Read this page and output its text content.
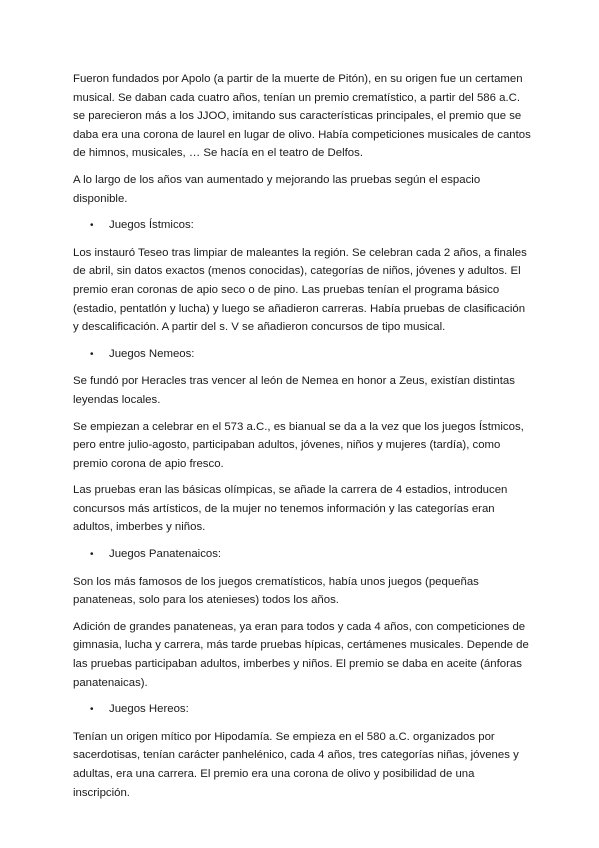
Fueron fundados por Apolo (a partir de la muerte de Pitón), en su origen fue un certamen musical. Se daban cada cuatro años, tenían un premio crematístico, a partir del 586 a.C. se parecieron más a los JJOO, imitando sus características principales, el premio que se daba era una corona de laurel en lugar de olivo. Había competiciones musicales de cantos de himnos, musicales, … Se hacía en el teatro de Delfos.

A lo largo de los años van aumentado y mejorando las pruebas según el espacio disponible.

•	Juegos Ístmicos:

Los instauró Teseo tras limpiar de maleantes la región. Se celebran cada 2 años, a finales de abril, sin datos exactos (menos conocidas), categorías de niños, jóvenes y adultos. El premio eran coronas de apio seco o de pino. Las pruebas tenían el programa básico (estadio, pentatlón y lucha) y luego se añadieron carreras. Había pruebas de clasificación y descalificación. A partir del s. V se añadieron concursos de tipo musical.

•	Juegos Nemeos:

Se fundó por Heracles tras vencer al león de Nemea en honor a Zeus, existían distintas leyendas locales.

Se empiezan a celebrar en el 573 a.C., es bianual se da a la vez que los juegos Ístmicos, pero entre julio-agosto, participaban adultos, jóvenes, niños y mujeres (tardía), como premio corona de apio fresco.

Las pruebas eran las básicas olímpicas, se añade la carrera de 4 estadios, introducen concursos más artísticos, de la mujer no tenemos información y las categorías eran adultos, imberbes y niños.

•	Juegos Panatenaicos:

Son los más famosos de los juegos crematísticos, había unos juegos (pequeñas panateneas, solo para los atenieses) todos los años.

Adición de grandes panateneas, ya eran para todos y cada 4 años, con competiciones de gimnasia, lucha y carrera, más tarde pruebas hípicas, certámenes musicales. Depende de las pruebas participaban adultos, imberbes y niños. El premio se daba en aceite (ánforas panatenaicas).

•	Juegos Hereos:

Tenían un origen mítico por Hipodamía. Se empieza en el 580 a.C. organizados por sacerdotisas, tenían carácter panhelénico, cada 4 años, tres categorías niñas, jóvenes y adultas, era una carrera. El premio era una corona de olivo y posibilidad de una inscripción.
